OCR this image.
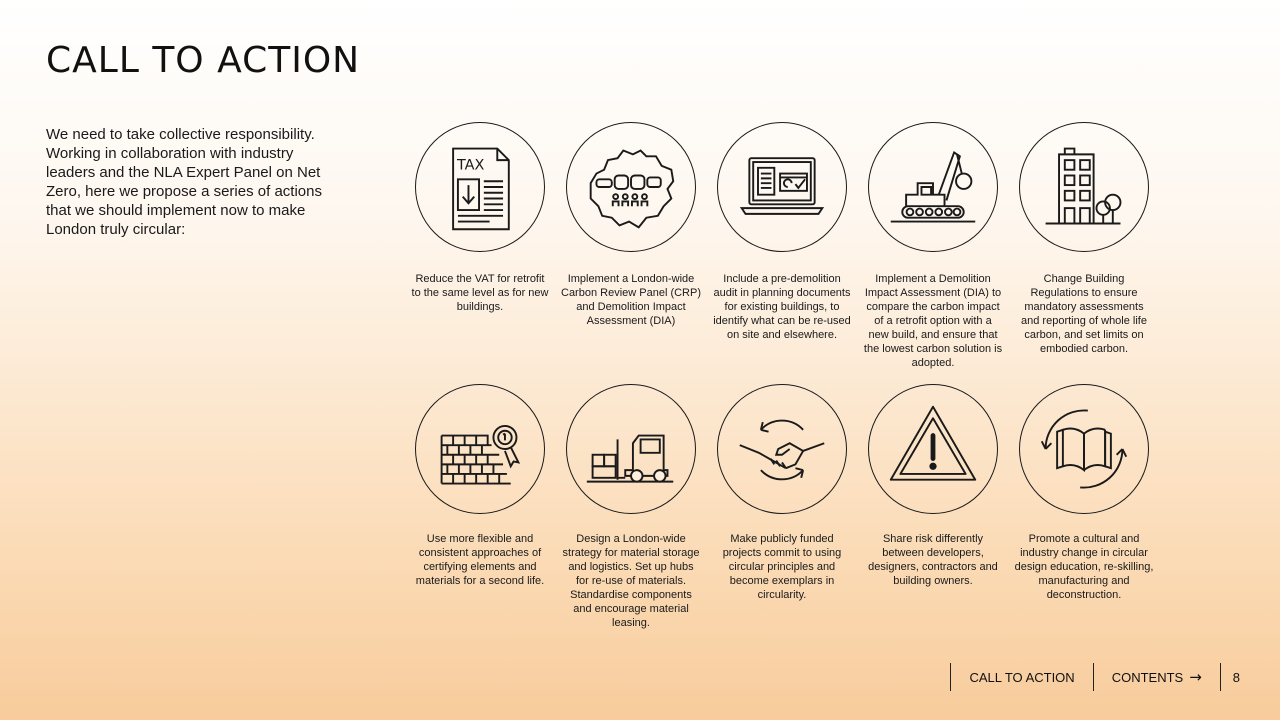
CALL TO ACTION

We need to take collective responsibility. Working in collaboration with industry leaders and the NLA Expert Panel on Net Zero, here we propose a series of actions that we should implement now to make London truly circular:

TAX
Reduce the VAT for retrofit to the same level as for new buildings.
Implement a London-wide Carbon Review Panel (CRP) and Demolition Impact Assessment (DIA)
Include a pre-demolition audit in planning documents for existing buildings, to identify what can be re-used on site and elsewhere.
Implement a Demolition Impact Assessment (DIA) to compare the carbon impact of a retrofit option with a new build, and ensure that the lowest carbon solution is adopted.
Change Building Regulations to ensure mandatory assessments and reporting of whole life carbon, and set limits on embodied carbon.
Use more flexible and consistent approaches of certifying elements and materials for a second life.
Design a London-wide strategy for material storage and logistics. Set up hubs for re-use of materials. Standardise components and encourage material leasing.
Make publicly funded projects commit to using circular principles and become exemplars in circularity.
Share risk differently between developers, designers, contractors and building owners.
Promote a cultural and industry change in circular design education, re-skilling, manufacturing and deconstruction.
CALL TO ACTION	CONTENTS →	8
